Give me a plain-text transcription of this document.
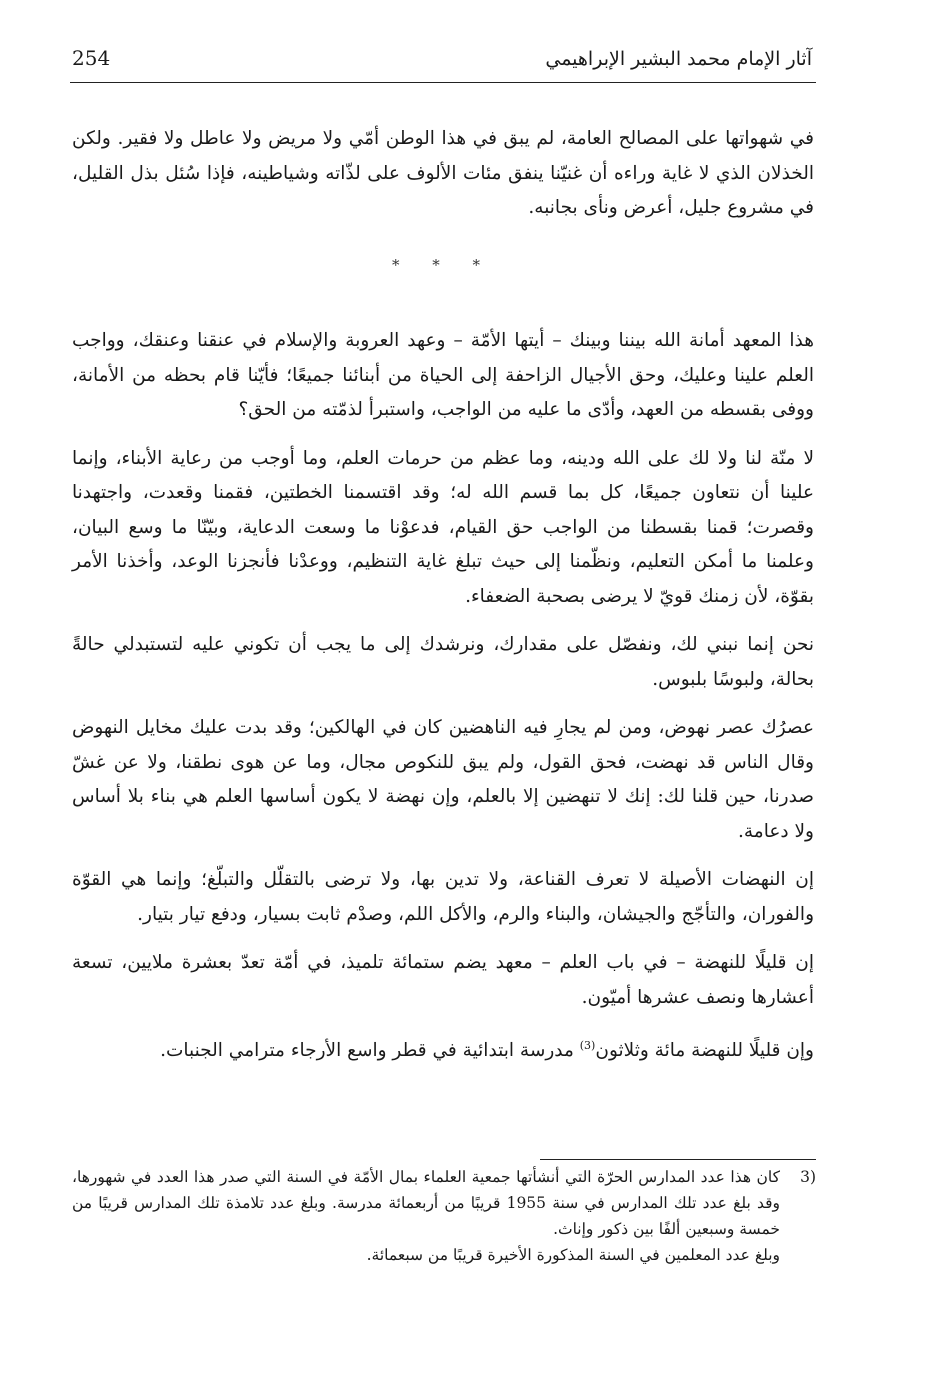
254	آثار الإمام محمد البشير الإبراهيمي

في شهواتها على المصالح العامة، لم يبق في هذا الوطن أمّي ولا مريض ولا عاطل ولا فقير. ولكن الخذلان الذي لا غاية وراءه أن غنيّنا ينفق مئات الألوف على لذّاته وشياطينه، فإذا سُئل بذل القليل، في مشروع جليل، أعرض ونأى بجانبه.

* * *

هذا المعهد أمانة الله بيننا وبينك – أيتها الأمّة – وعهد العروبة والإسلام في عنقنا وعنقك، وواجب العلم علينا وعليك، وحق الأجيال الزاحفة إلى الحياة من أبنائنا جميعًا؛ فأيّنا قام بحظه من الأمانة، ووفى بقسطه من العهد، وأدّى ما عليه من الواجب، واستبرأ لذمّته من الحق؟

لا منّة لنا ولا لك على الله ودينه، وما عظم من حرمات العلم، وما أوجب من رعاية الأبناء، وإنما علينا أن نتعاون جميعًا، كل بما قسم الله له؛ وقد اقتسمنا الخطتين، فقمنا وقعدت، واجتهدنا وقصرت؛ قمنا بقسطنا من الواجب حق القيام، فدعوْنا ما وسعت الدعاية، وبيّنّا ما وسع البيان، وعلمنا ما أمكن التعليم، ونظّمنا إلى حيث تبلغ غاية التنظيم، ووعدْنا فأنجزنا الوعد، وأخذنا الأمر بقوّة، لأن زمنك قويّ لا يرضى بصحبة الضعفاء.

نحن إنما نبني لك، ونفصّل على مقدارك، ونرشدك إلى ما يجب أن تكوني عليه لتستبدلي حالةً بحالة، ولبوسًا بلبوس.

عصرُك عصر نهوض، ومن لم يجارِ فيه الناهضين كان في الهالكين؛ وقد بدت عليك مخايل النهوض وقال الناس قد نهضت، فحق القول، ولم يبق للنكوص مجال، وما عن هوى نطقنا، ولا عن غشّ صدرنا، حين قلنا لك: إنك لا تنهضين إلا بالعلم، وإن نهضة لا يكون أساسها العلم هي بناء بلا أساس ولا دعامة.

إن النهضات الأصيلة لا تعرف القناعة، ولا تدين بها، ولا ترضى بالتقلّل والتبلّغ؛ وإنما هي القوّة والفوران، والتأجّج والجيشان، والبناء والرم، والأكل اللم، وصدْم ثابت بسيار، ودفع تيار بتيار.

إن قليلًا للنهضة – في باب العلم – معهد يضم ستمائة تلميذ، في أمّة تعدّ بعشرة ملايين، تسعة أعشارها ونصف عشرها أميّون.

وإن قليلًا للنهضة مائة وثلاثون$^{(3)}$ مدرسة ابتدائية في قطر واسع الأرجاء مترامي الجنبات.

3)
كان هذا عدد المدارس الحرّة التي أنشأتها جمعية العلماء بمال الأمّة في السنة التي صدر هذا العدد في شهورها، وقد بلغ عدد تلك المدارس في سنة 1955 قريبًا من أربعمائة مدرسة. وبلغ عدد تلامذة تلك المدارس قريبًا من خمسة وسبعين ألفًا بين ذكور وإناث.
وبلغ عدد المعلمين في السنة المذكورة الأخيرة قريبًا من سبعمائة.
